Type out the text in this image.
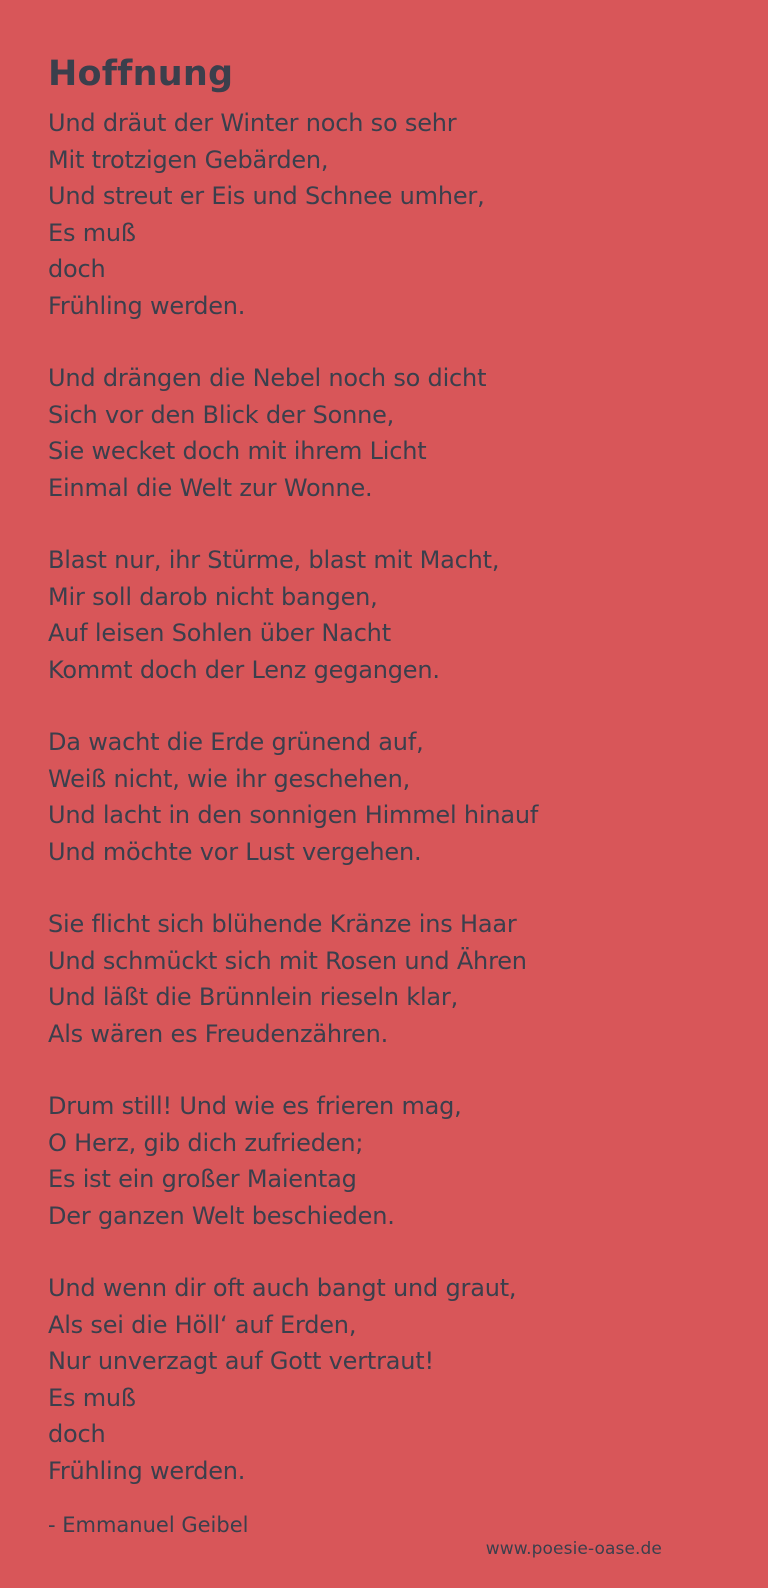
Hoffnung
Und dräut der Winter noch so sehr
Mit trotzigen Gebärden,
Und streut er Eis und Schnee umher,
Es muß
doch
Frühling werden.
Und drängen die Nebel noch so dicht
Sich vor den Blick der Sonne,
Sie wecket doch mit ihrem Licht
Einmal die Welt zur Wonne.
Blast nur, ihr Stürme, blast mit Macht,
Mir soll darob nicht bangen,
Auf leisen Sohlen über Nacht
Kommt doch der Lenz gegangen.
Da wacht die Erde grünend auf,
Weiß nicht, wie ihr geschehen,
Und lacht in den sonnigen Himmel hinauf
Und möchte vor Lust vergehen.
Sie flicht sich blühende Kränze ins Haar
Und schmückt sich mit Rosen und Ähren
Und läßt die Brünnlein rieseln klar,
Als wären es Freudenzähren.
Drum still! Und wie es frieren mag,
O Herz, gib dich zufrieden;
Es ist ein großer Maientag
Der ganzen Welt beschieden.
Und wenn dir oft auch bangt und graut,
Als sei die Höll‘ auf Erden,
Nur unverzagt auf Gott vertraut!
Es muß
doch
Frühling werden.
- Emmanuel Geibel
www.poesie-oase.de
